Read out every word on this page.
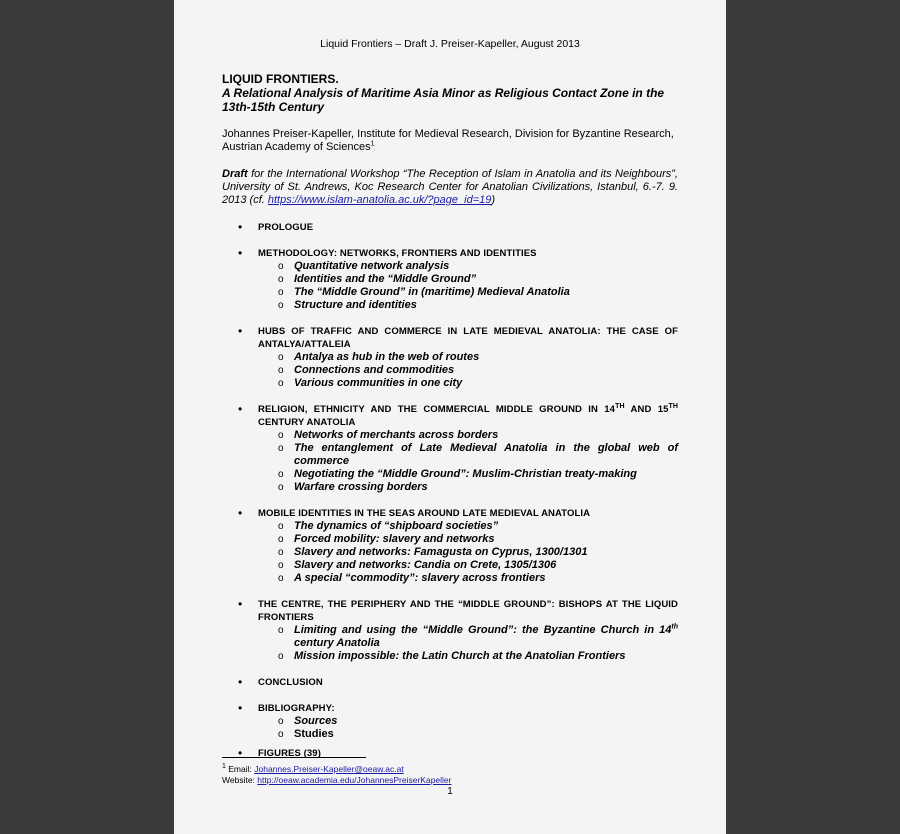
Liquid Frontiers – Draft J. Preiser-Kapeller, August 2013
LIQUID FRONTIERS.
A Relational Analysis of Maritime Asia Minor as Religious Contact Zone in the 13th-15th Century
Johannes Preiser-Kapeller, Institute for Medieval Research, Division for Byzantine Research, Austrian Academy of Sciences$^1$
Draft for the International Workshop “The Reception of Islam in Anatolia and its Neighbours”, University of St. Andrews, Koc Research Center for Anatolian Civilizations, Istanbul, 6.-7. 9. 2013 (cf. https://www.islam-anatolia.ac.uk/?page_id=19)
• PROLOGUE
• METHODOLOGY: NETWORKS, FRONTIERS AND IDENTITIES
o Quantitative network analysis
o Identities and the “Middle Ground”
o The “Middle Ground” in (maritime) Medieval Anatolia
o Structure and identities
• HUBS OF TRAFFIC AND COMMERCE IN LATE MEDIEVAL ANATOLIA: THE CASE OF ANTALYA/ATTALEIA
o Antalya as hub in the web of routes
o Connections and commodities
o Various communities in one city
• RELIGION, ETHNICITY AND THE COMMERCIAL MIDDLE GROUND IN 14TH AND 15TH CENTURY ANATOLIA
o Networks of merchants across borders
o The entanglement of Late Medieval Anatolia in the global web of commerce
o Negotiating the “Middle Ground”: Muslim-Christian treaty-making
o Warfare crossing borders
• MOBILE IDENTITIES IN THE SEAS AROUND LATE MEDIEVAL ANATOLIA
o The dynamics of “shipboard societies”
o Forced mobility: slavery and networks
o Slavery and networks: Famagusta on Cyprus, 1300/1301
o Slavery and networks: Candia on Crete, 1305/1306
o A special “commodity”: slavery across frontiers
• THE CENTRE, THE PERIPHERY AND THE “MIDDLE GROUND”: BISHOPS AT THE LIQUID FRONTIERS
o Limiting and using the “Middle Ground”: the Byzantine Church in 14th century Anatolia
o Mission impossible: the Latin Church at the Anatolian Frontiers
• CONCLUSION
• BIBLIOGRAPHY:
o Sources
o Studies
• FIGURES (39)
$^1$ Email: Johannes.Preiser-Kapeller@oeaw.ac.at
Website: http://oeaw.academia.edu/JohannesPreiserKapeller
1
